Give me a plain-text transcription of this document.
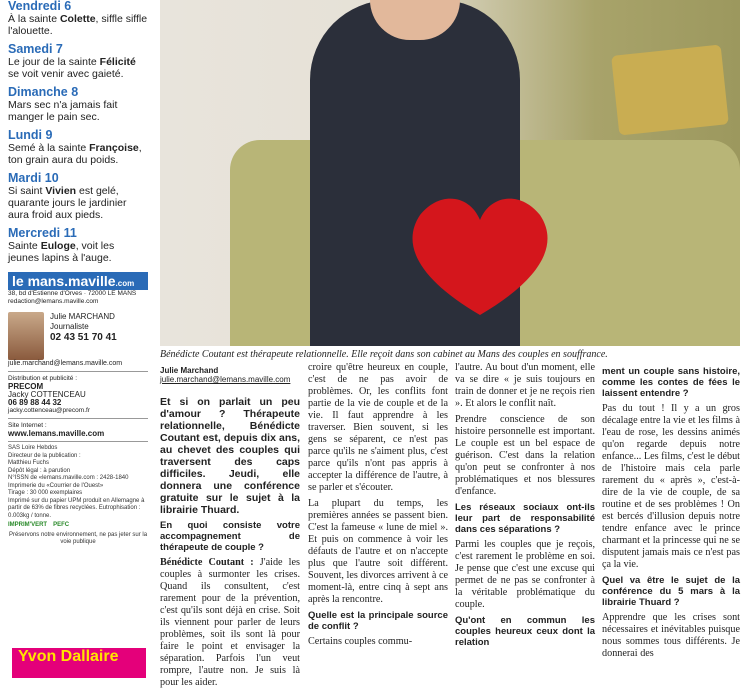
Vendredi 6

À la sainte Colette, siffle siffle l'alouette.

Samedi 7

Le jour de la sainte Félicité se voit venir avec gaieté.

Dimanche 8

Mars sec n'a jamais fait manger le pain sec.

Lundi 9

Semé à la sainte Françoise, ton grain aura du poids.

Mardi 10

Si saint Vivien est gelé, quarante jours le jardinier aura froid aux pieds.

Mercredi 11

Sainte Euloge, voit les jeunes lapins à l'auge.

le mans.maville.com
38, bd d'Estienne d'Orves · 72000 LE MANS
redaction@lemans.maville.com
Julie MARCHAND
Journaliste
02 43 51 70 41
julie.marchand@lemans.maville.com
Distribution et publicité :
PRECOM
Jacky COTTENCEAU
06 89 88 44 32
jacky.cottenceau@precom.fr
Site Internet :
www.lemans.maville.com
SAS Loire Hebdos
Directeur de la publication :
Matthieu Fuchs
Dépôt légal : à parution
N°ISSN de «lemans.maville.com : 2428-1840
Imprimerie du «Courrier de l'Ouest»
Tirage : 30 000 exemplaires
Imprimé sur du papier UPM produit en Allemagne à partir de 63% de fibres recyclées. Eutrophisation : 0.003kg / tonne.
IMPRIM'VERT PEFC
Préservons notre environnement, ne pas jeter sur la voie publique
Yvon Dallaire
Bénédicte Coutant est thérapeute relationnelle. Elle reçoit dans son cabinet au Mans des couples en souffrance.
Julie Marchand
julie.marchand@lemans.maville.com

Et si on parlait un peu d'amour ? Thérapeute relationnelle, Bénédicte Coutant est, depuis dix ans, au chevet des couples qui traversent des caps difficiles. Jeudi, elle donnera une conférence gratuite sur le sujet à la librairie Thuard.

En quoi consiste votre accompagnement de thérapeute de couple ?

Bénédicte Coutant : J'aide les couples à surmonter les crises. Quand ils consultent, c'est rarement pour de la prévention, c'est qu'ils sont déjà en crise. Soit ils viennent pour parler de leurs problèmes, soit ils sont là pour faire le point et envisager la séparation. Parfois l'un veut rompre, l'autre non. Je suis là pour les aider.

croire qu'être heureux en couple, c'est de ne pas avoir de problèmes. Or, les conflits font partie de la vie de couple et de la vie. Il faut apprendre à les traverser. Bien souvent, si les gens se séparent, ce n'est pas parce qu'ils ne s'aiment plus, c'est parce qu'ils n'ont pas appris à accepter la différence de l'autre, à se parler et s'écouter.

La plupart du temps, les premières années se passent bien. C'est la fameuse « lune de miel ». Et puis on commence à voir les défauts de l'autre et on n'accepte plus que l'autre soit différent. Souvent, les divorces arrivent à ce moment-là, entre cinq à sept ans après la rencontre.

Quelle est la principale source de conflit ?

Certains couples commu-

l'autre. Au bout d'un moment, elle va se dire « je suis toujours en train de donner et je ne reçois rien ». Et alors le conflit naît.

Prendre conscience de son histoire personnelle est important. Le couple est un bel espace de guérison. C'est dans la relation qu'on peut se confronter à nos problématiques et nos blessures d'enfance.

Les réseaux sociaux ont-ils leur part de responsabilité dans ces séparations ?

Parmi les couples que je reçois, c'est rarement le problème en soi. Je pense que c'est une excuse qui permet de ne pas se confronter à la véritable problématique du couple.

Qu'ont en commun les couples heureux ceux dont la relation

ment un couple sans histoire, comme les contes de fées le laissent entendre ?

Pas du tout ! Il y a un gros décalage entre la vie et les films à l'eau de rose, les dessins animés qu'on regarde depuis notre enfance... Les films, c'est le début de l'histoire mais cela parle rarement du « après », c'est-à-dire de la vie de couple, de sa routine et de ses problèmes ! On est bercés d'illusion depuis notre tendre enfance avec le prince charmant et la princesse qui ne se disputent jamais mais ce n'est pas ça la vie.

Quel va être le sujet de la conférence du 5 mars à la librairie Thuard ?

Apprendre que les crises sont nécessaires et inévitables puisque nous sommes tous différents. Je donnerai des
